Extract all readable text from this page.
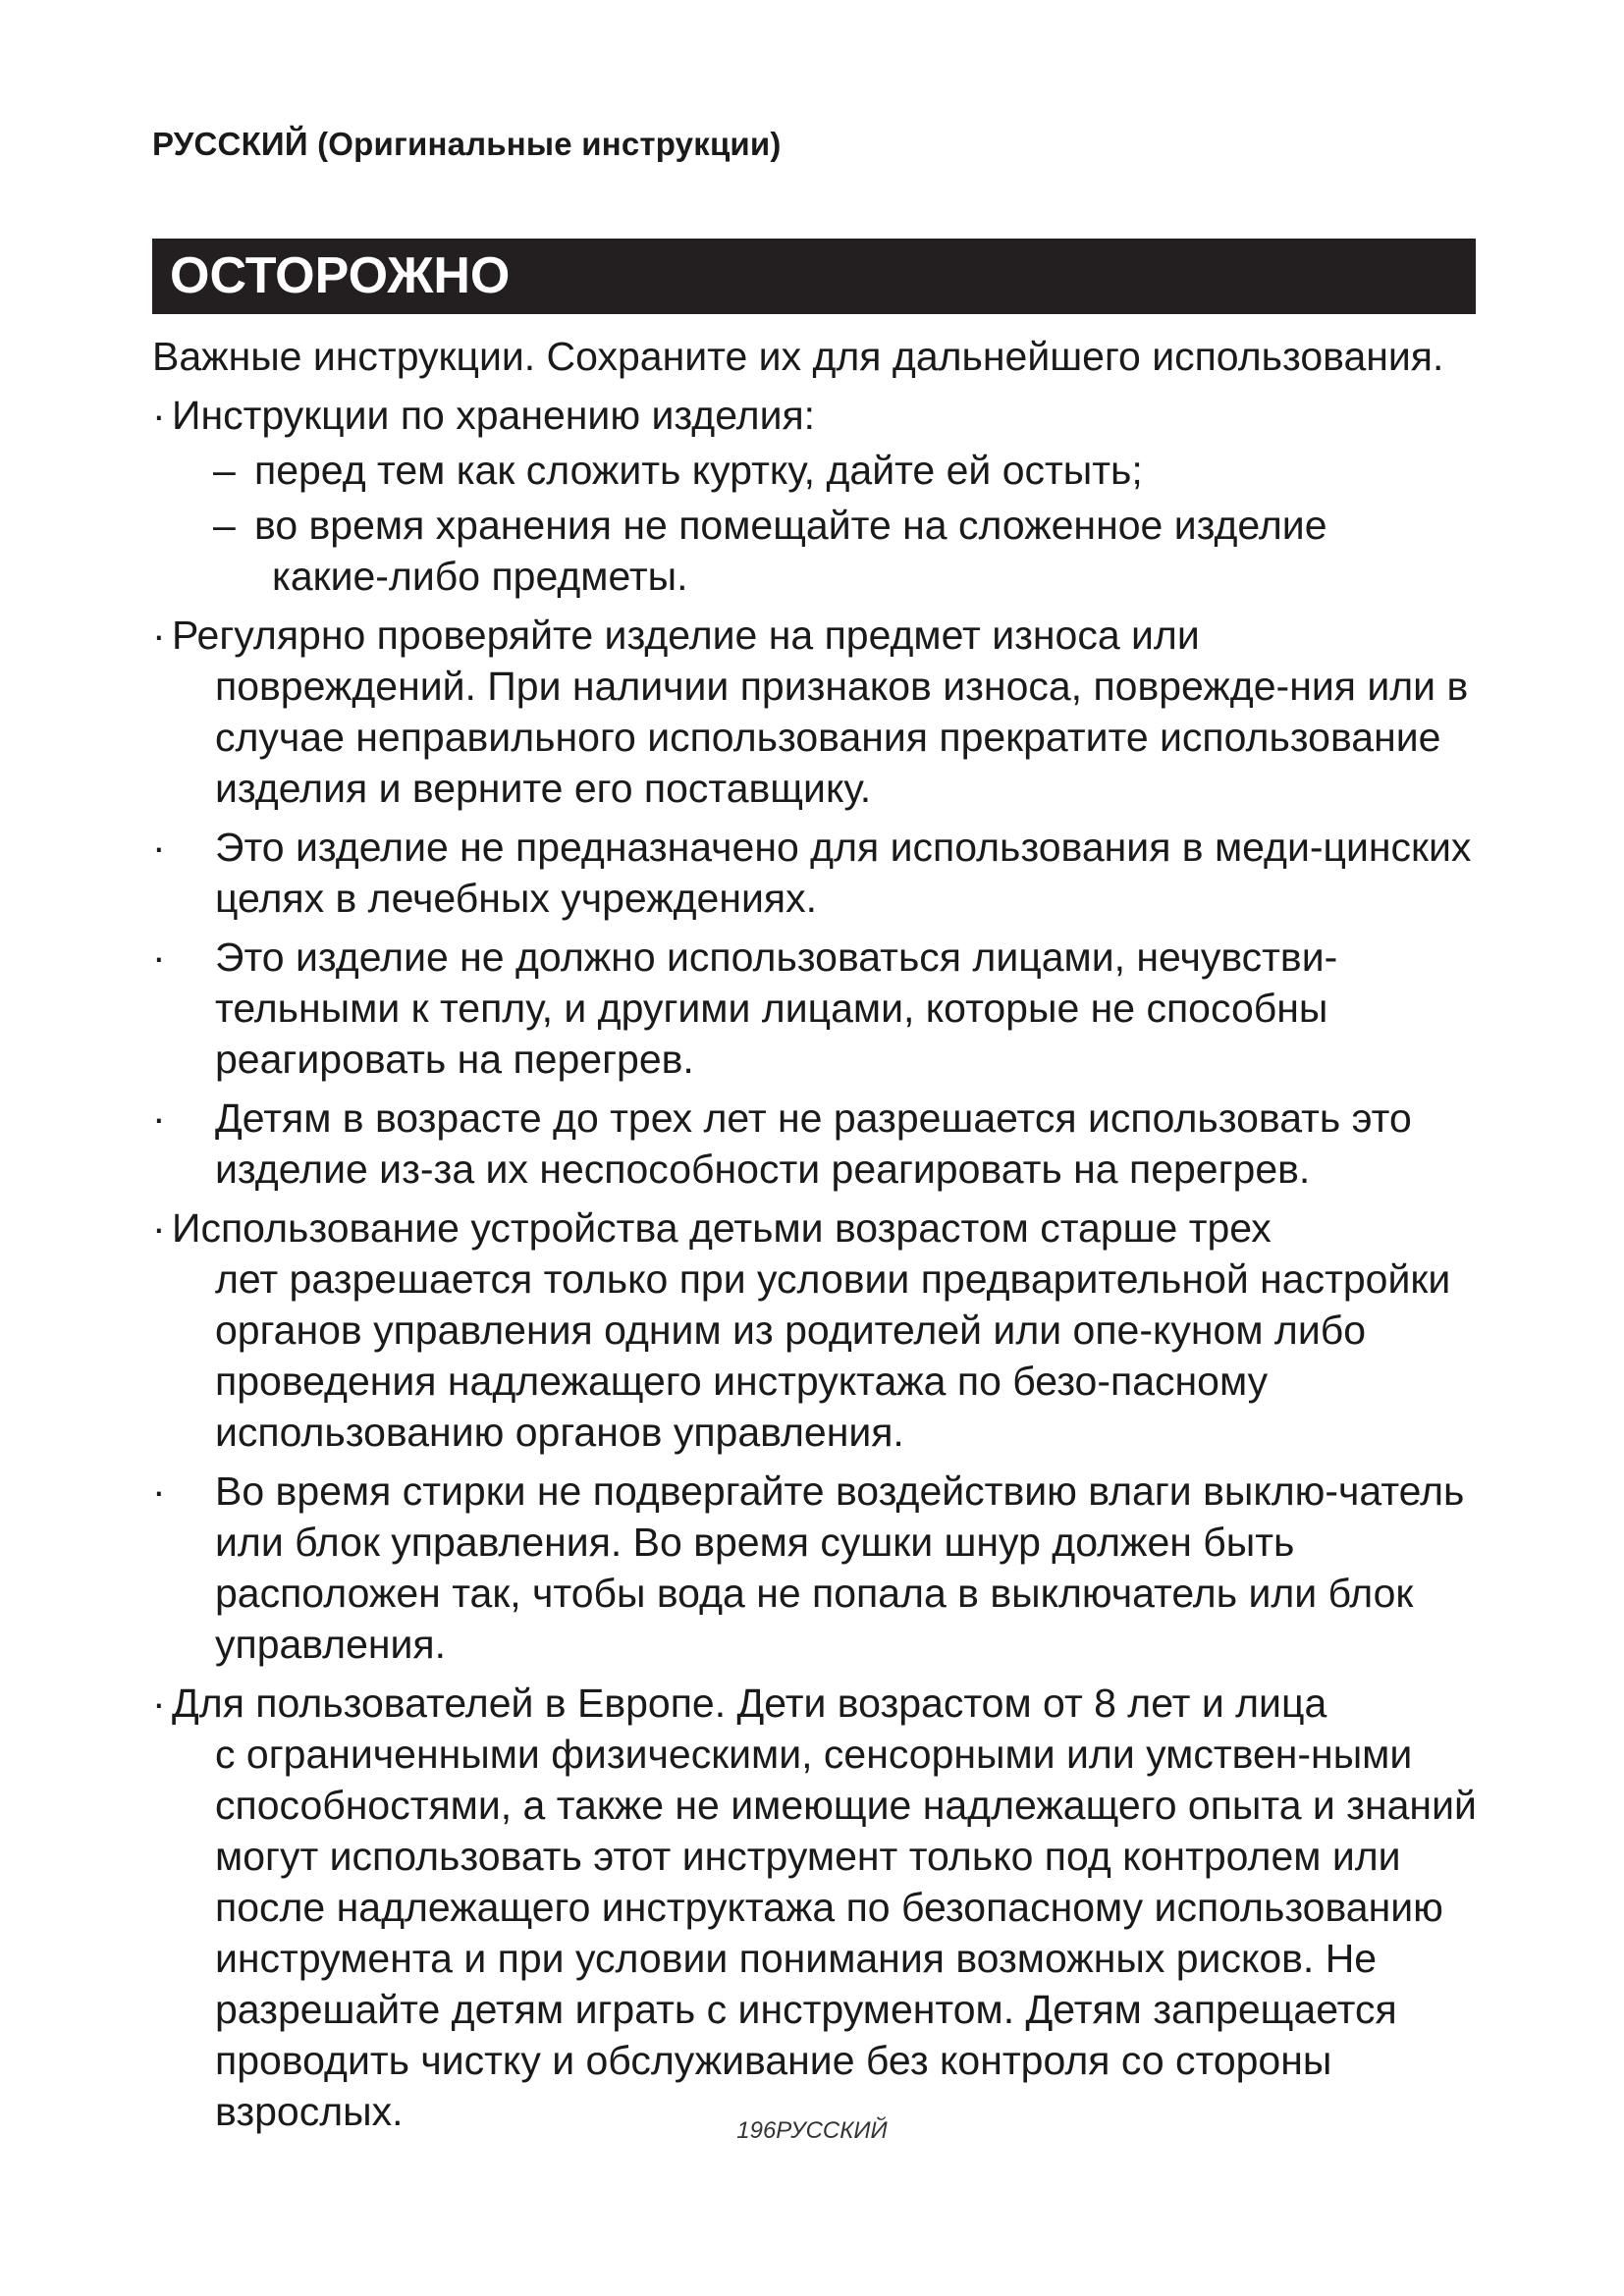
РУССКИЙ (Оригинальные инструкции)
ОСТОРОЖНО
Важные инструкции. Сохраните их для дальнейшего использования.
· Инструкции по хранению изделия:
– перед тем как сложить куртку, дайте ей остыть;
– во время хранения не помещайте на сложенное изделие
какие-либо предметы.
· Регулярно проверяйте изделие на предмет износа или
повреждений. При наличии признаков износа, поврежде-ния или в случае неправильного использования прекратите использование изделия и верните его поставщику.
· Это изделие не предназначено для использования в меди-цинских целях в лечебных учреждениях.
· Это изделие не должно использоваться лицами, нечувстви-тельными к теплу, и другими лицами, которые не способны реагировать на перегрев.
· Детям в возрасте до трех лет не разрешается использовать это изделие из-за их неспособности реагировать на перегрев.
· Использование устройства детьми возрастом старше трех
лет разрешается только при условии предварительной настройки органов управления одним из родителей или опе-куном либо проведения надлежащего инструктажа по безо-пасному использованию органов управления.
· Во время стирки не подвергайте воздействию влаги выклю-чатель или блок управления. Во время сушки шнур должен быть расположен так, чтобы вода не попала в выключатель или блок управления.
· Для пользователей в Европе. Дети возрастом от 8 лет и лица
с ограниченными физическими, сенсорными или умствен-ными способностями, а также не имеющие надлежащего опыта и знаний могут использовать этот инструмент только под контролем или после надлежащего инструктажа по безопасному использованию инструмента и при условии понимания возможных рисков. Не разрешайте детям играть с инструментом. Детям запрещается проводить чистку и обслуживание без контроля со стороны взрослых.	196РУССКИЙ
